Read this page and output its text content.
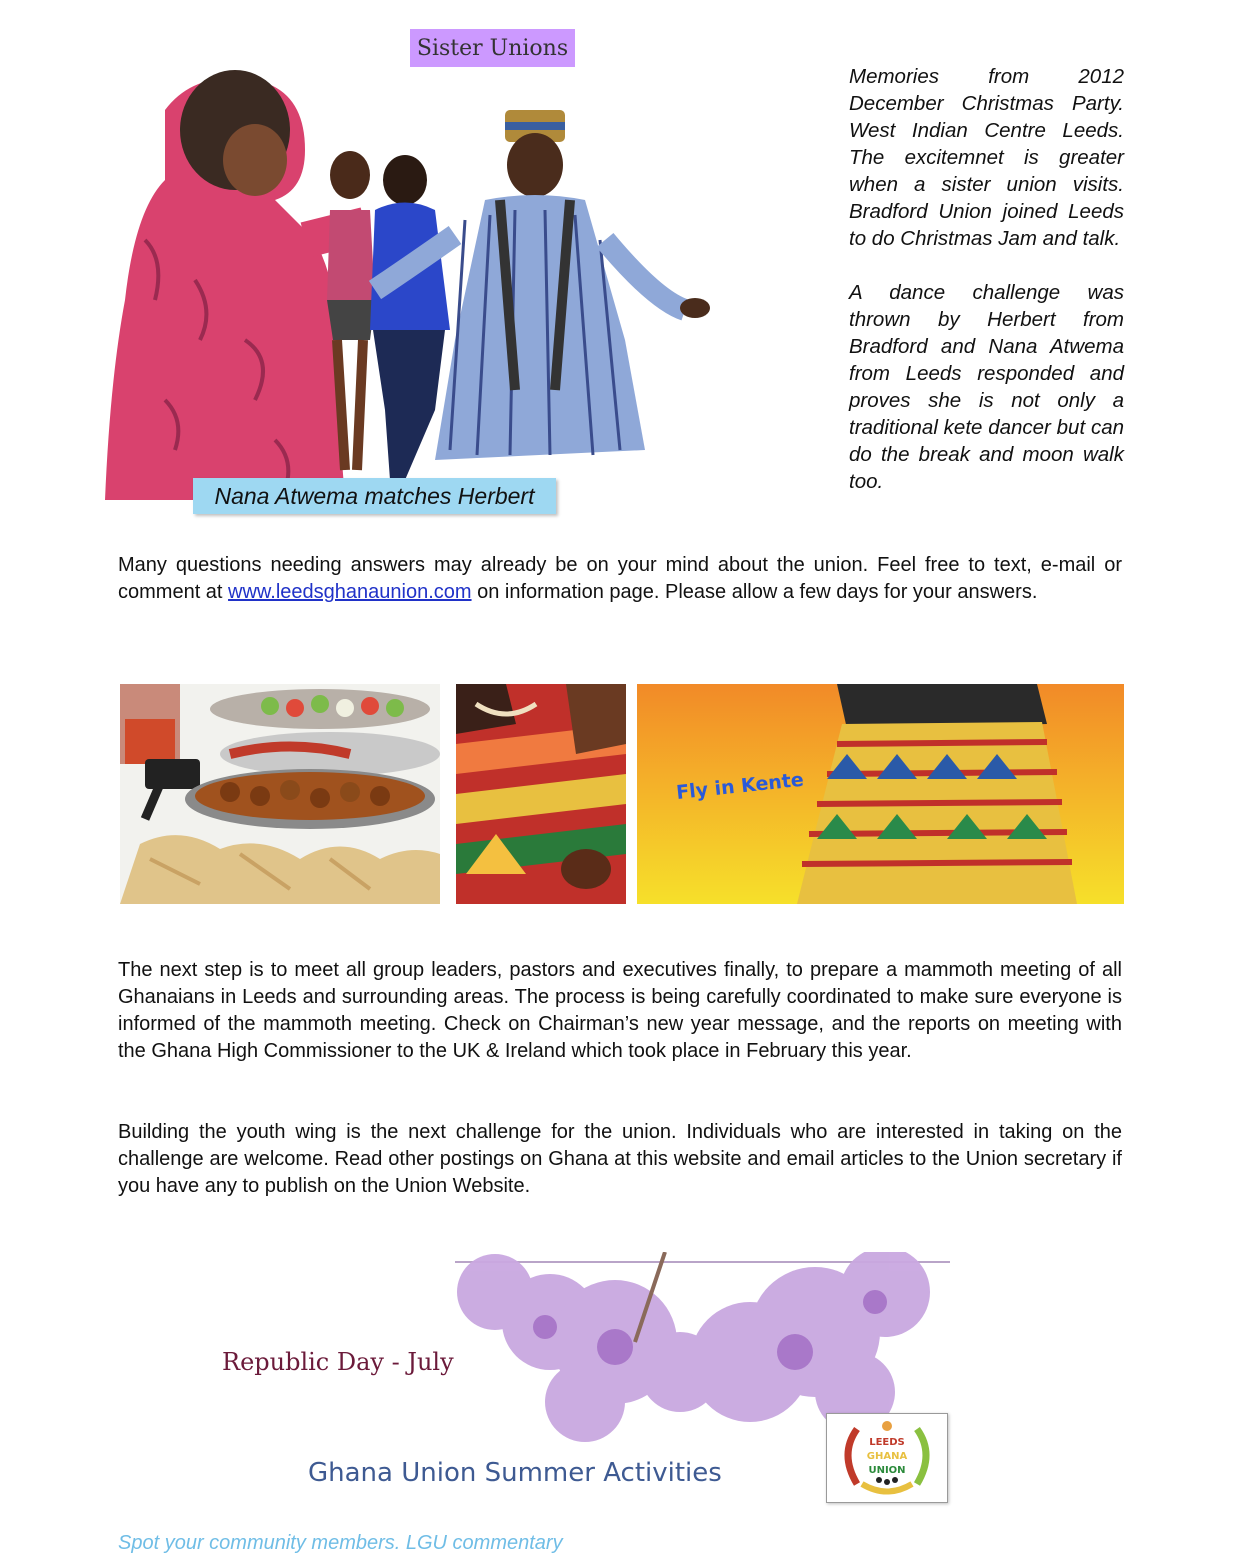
Sister Unions
Nana Atwema matches Herbert

Memories from 2012 December Christmas Party. West Indian Centre Leeds. The excitemnet is greater when a sister union visits. Bradford Union joined Leeds to do Christmas Jam and talk.

A dance challenge was thrown by Herbert from Bradford and Nana Atwema from Leeds responded and proves she is not only a traditional kete dancer but can do the break and moon walk too.

Many questions needing answers may already be on your mind about the union. Feel free to text, e-mail or comment at www.leedsghanaunion.com on information page. Please allow a few days for your answers.
Fly in Kente
The next step is to meet all group leaders, pastors and executives finally, to prepare a mammoth meeting of all Ghanaians in Leeds and surrounding areas. The process is being carefully coordinated to make sure everyone is informed of the mammoth meeting. Check on Chairman’s new year message, and the reports on meeting with the Ghana High Commissioner to the UK & Ireland which took place in February this year.
Building the youth wing is the next challenge for the union. Individuals who are interested in taking on the challenge are welcome. Read other postings on Ghana at this website and email articles to the Union secretary if you have any to publish on the Union Website.
Republic Day - July
Ghana Union Summer Activities
LEEDS
GHANA
UNION
Spot your community members. LGU commentary
